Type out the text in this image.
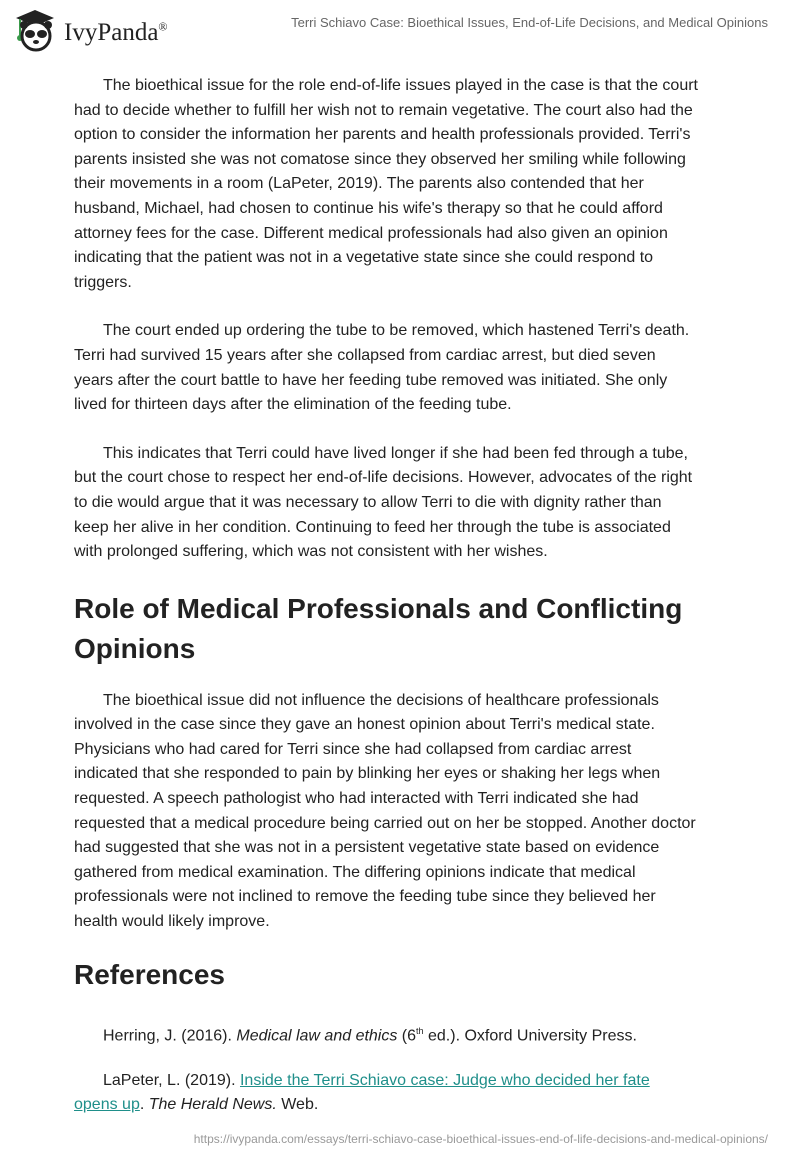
IvyPanda®	Terri Schiavo Case: Bioethical Issues, End-of-Life Decisions, and Medical Opinions

The bioethical issue for the role end-of-life issues played in the case is that the court
had to decide whether to fulfill her wish not to remain vegetative. The court also had the
option to consider the information her parents and health professionals provided. Terri's
parents insisted she was not comatose since they observed her smiling while following
their movements in a room (LaPeter, 2019). The parents also contended that her
husband, Michael, had chosen to continue his wife's therapy so that he could afford
attorney fees for the case. Different medical professionals had also given an opinion
indicating that the patient was not in a vegetative state since she could respond to
triggers.

The court ended up ordering the tube to be removed, which hastened Terri's death.
Terri had survived 15 years after she collapsed from cardiac arrest, but died seven
years after the court battle to have her feeding tube removed was initiated. She only
lived for thirteen days after the elimination of the feeding tube.

This indicates that Terri could have lived longer if she had been fed through a tube,
but the court chose to respect her end-of-life decisions. However, advocates of the right
to die would argue that it was necessary to allow Terri to die with dignity rather than
keep her alive in her condition. Continuing to feed her through the tube is associated
with prolonged suffering, which was not consistent with her wishes.

Role of Medical Professionals and Conflicting
Opinions

The bioethical issue did not influence the decisions of healthcare professionals
involved in the case since they gave an honest opinion about Terri's medical state.
Physicians who had cared for Terri since she had collapsed from cardiac arrest
indicated that she responded to pain by blinking her eyes or shaking her legs when
requested. A speech pathologist who had interacted with Terri indicated she had
requested that a medical procedure being carried out on her be stopped. Another doctor
had suggested that she was not in a persistent vegetative state based on evidence
gathered from medical examination. The differing opinions indicate that medical
professionals were not inclined to remove the feeding tube since they believed her
health would likely improve.

References
Herring, J. (2016). Medical law and ethics (6th ed.). Oxford University Press.
LaPeter, L. (2019). Inside the Terri Schiavo case: Judge who decided her fate
opens up. The Herald News. Web.
https://ivypanda.com/essays/terri-schiavo-case-bioethical-issues-end-of-life-decisions-and-medical-opinions/
